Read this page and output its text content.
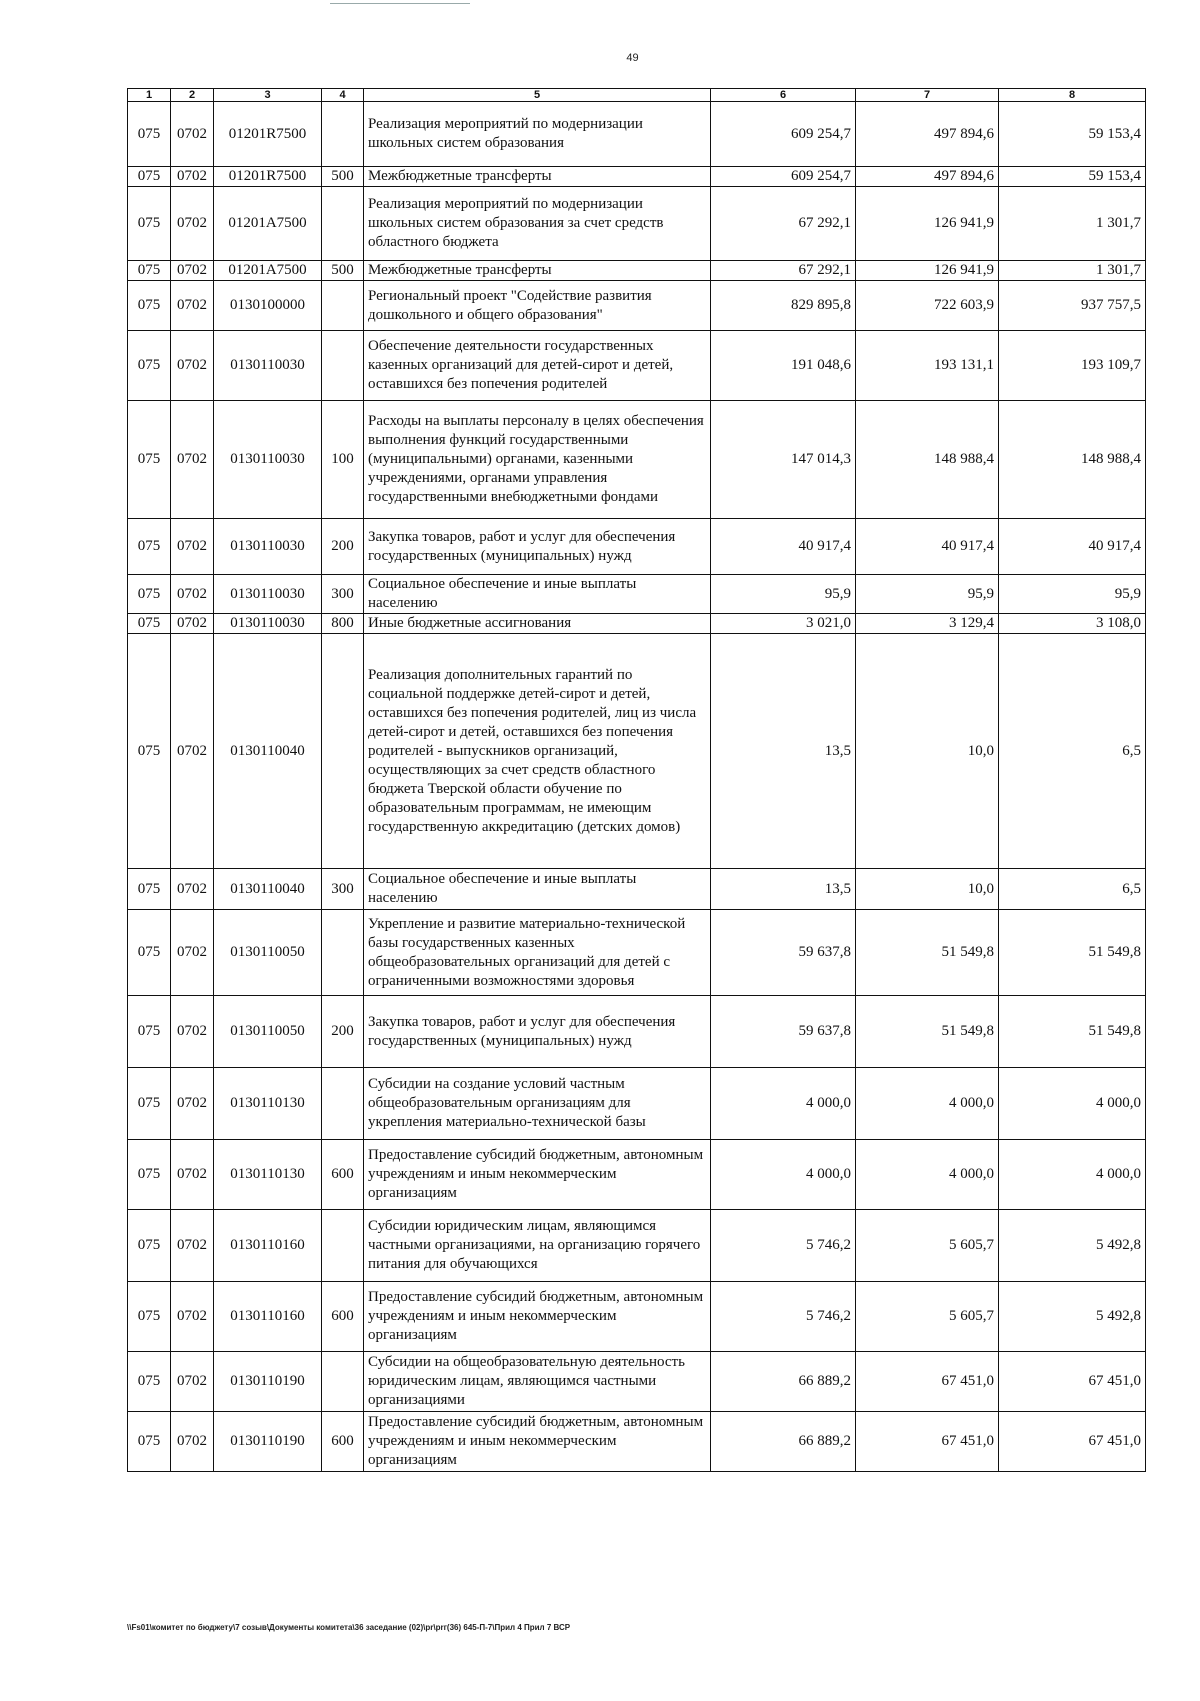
49
1	2	3	4	5	6	7	8
075	0702	01201R7500		Реализация мероприятий по модернизации школьных систем образования	609 254,7	497 894,6	59 153,4
075	0702	01201R7500	500	Межбюджетные трансферты	609 254,7	497 894,6	59 153,4
075	0702	01201A7500		Реализация мероприятий по модернизации школьных систем образования за счет средств областного бюджета	67 292,1	126 941,9	1 301,7
075	0702	01201A7500	500	Межбюджетные трансферты	67 292,1	126 941,9	1 301,7
075	0702	0130100000		Региональный проект "Содействие развития дошкольного и общего образования"	829 895,8	722 603,9	937 757,5
075	0702	0130110030		Обеспечение деятельности государственных казенных организаций для детей-сирот и детей, оставшихся без попечения родителей	191 048,6	193 131,1	193 109,7
075	0702	0130110030	100	Расходы на выплаты персоналу в целях обеспечения выполнения функций государственными (муниципальными) органами, казенными учреждениями, органами управления государственными внебюджетными фондами	147 014,3	148 988,4	148 988,4
075	0702	0130110030	200	Закупка товаров, работ и услуг для обеспечения государственных (муниципальных) нужд	40 917,4	40 917,4	40 917,4
075	0702	0130110030	300	Социальное обеспечение и иные выплаты населению	95,9	95,9	95,9
075	0702	0130110030	800	Иные бюджетные ассигнования	3 021,0	3 129,4	3 108,0
075	0702	0130110040		Реализация дополнительных гарантий по социальной поддержке детей-сирот и детей, оставшихся без попечения родителей, лиц из числа детей-сирот и детей, оставшихся без попечения родителей - выпускников организаций, осуществляющих за счет средств областного бюджета Тверской области обучение по образовательным программам, не имеющим государственную аккредитацию (детских домов)	13,5	10,0	6,5
075	0702	0130110040	300	Социальное обеспечение и иные выплаты населению	13,5	10,0	6,5
075	0702	0130110050		Укрепление и развитие материально-технической базы государственных казенных общеобразовательных организаций для детей с ограниченными возможностями здоровья	59 637,8	51 549,8	51 549,8
075	0702	0130110050	200	Закупка товаров, работ и услуг для обеспечения государственных (муниципальных) нужд	59 637,8	51 549,8	51 549,8
075	0702	0130110130		Субсидии на создание условий частным общеобразовательным организациям для укрепления материально-технической базы	4 000,0	4 000,0	4 000,0
075	0702	0130110130	600	Предоставление субсидий бюджетным, автономным учреждениям и иным некоммерческим организациям	4 000,0	4 000,0	4 000,0
075	0702	0130110160		Субсидии юридическим лицам, являющимся частными организациями, на организацию горячего питания для обучающихся	5 746,2	5 605,7	5 492,8
075	0702	0130110160	600	Предоставление субсидий бюджетным, автономным учреждениям и иным некоммерческим организациям	5 746,2	5 605,7	5 492,8
075	0702	0130110190		Субсидии на общеобразовательную деятельность юридическим лицам, являющимся частными организациями	66 889,2	67 451,0	67 451,0
075	0702	0130110190	600	Предоставление субсидий бюджетным, автономным учреждениям и иным некоммерческим организациям	66 889,2	67 451,0	67 451,0
\\Fs01\комитет по бюджету\7 созыв\Документы комитета\36 заседание (02)\pr\prг(36) 645-П-7\Прил 4 Прил 7 ВСР
